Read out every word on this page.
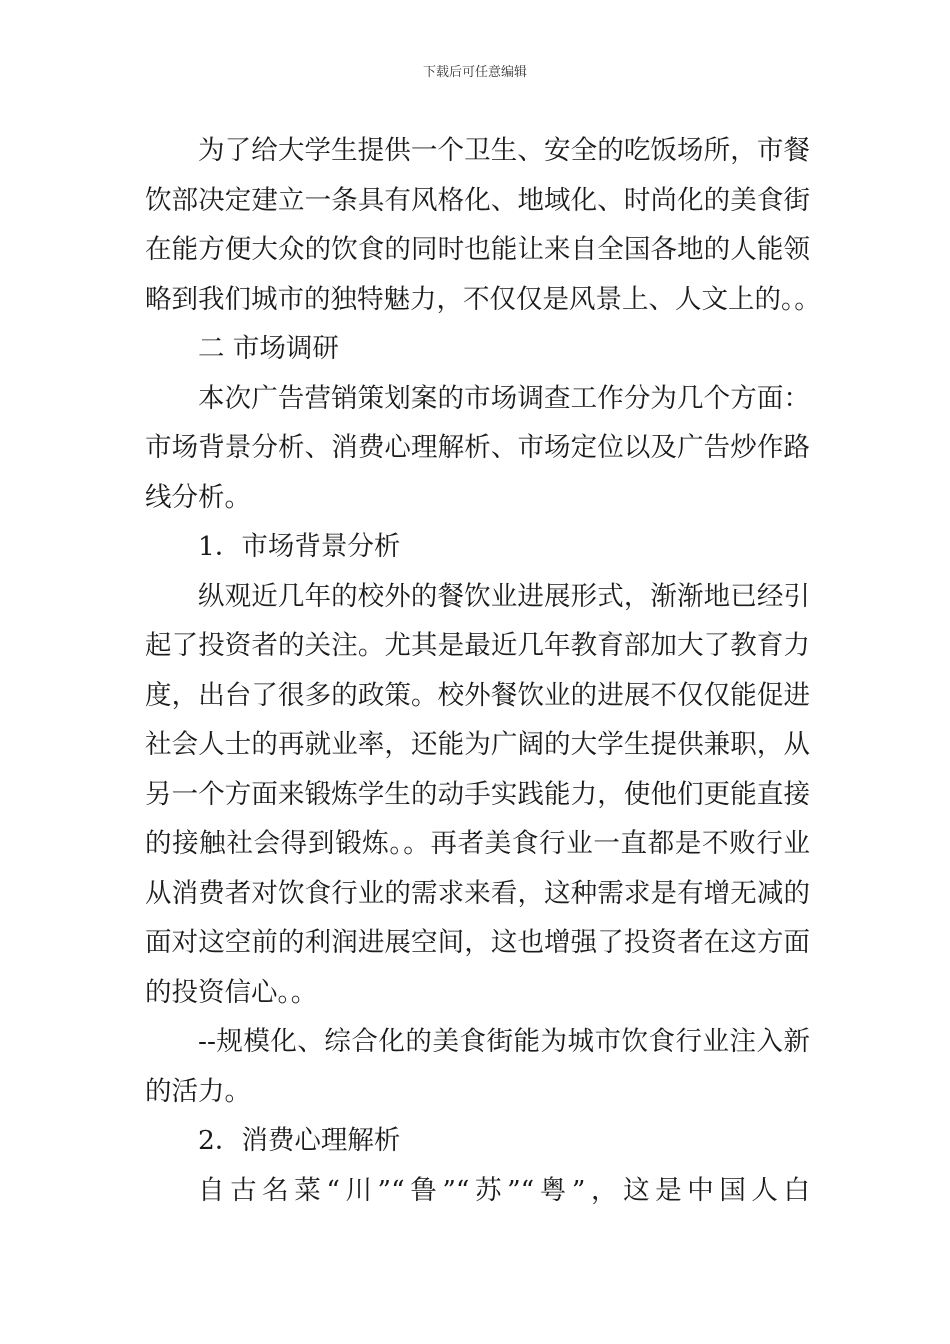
下载后可任意编辑
为了给大学生提供一个卫生、安全的吃饭场所，市餐
饮部决定建立一条具有风格化、地域化、时尚化的美食街
在能方便大众的饮食的同时也能让来自全国各地的人能领
略到我们城市的独特魅力，不仅仅是风景上、人文上的。。
二 市场调研
本次广告营销策划案的市场调查工作分为几个方面：
市场背景分析、消费心理解析、市场定位以及广告炒作路
线分析。
1．市场背景分析
纵观近几年的校外的餐饮业进展形式，渐渐地已经引
起了投资者的关注。尤其是最近几年教育部加大了教育力
度，出台了很多的政策。校外餐饮业的进展不仅仅能促进
社会人士的再就业率，还能为广阔的大学生提供兼职，从
另一个方面来锻炼学生的动手实践能力，使他们更能直接
的接触社会得到锻炼。。再者美食行业一直都是不败行业
从消费者对饮食行业的需求来看，这种需求是有增无减的
面对这空前的利润进展空间，这也增强了投资者在这方面
的投资信心。。
--规模化、综合化的美食街能为城市饮食行业注入新
的活力。
2．消费心理解析
自古名菜“川”“鲁”“苏”“粤”，这是中国人白
